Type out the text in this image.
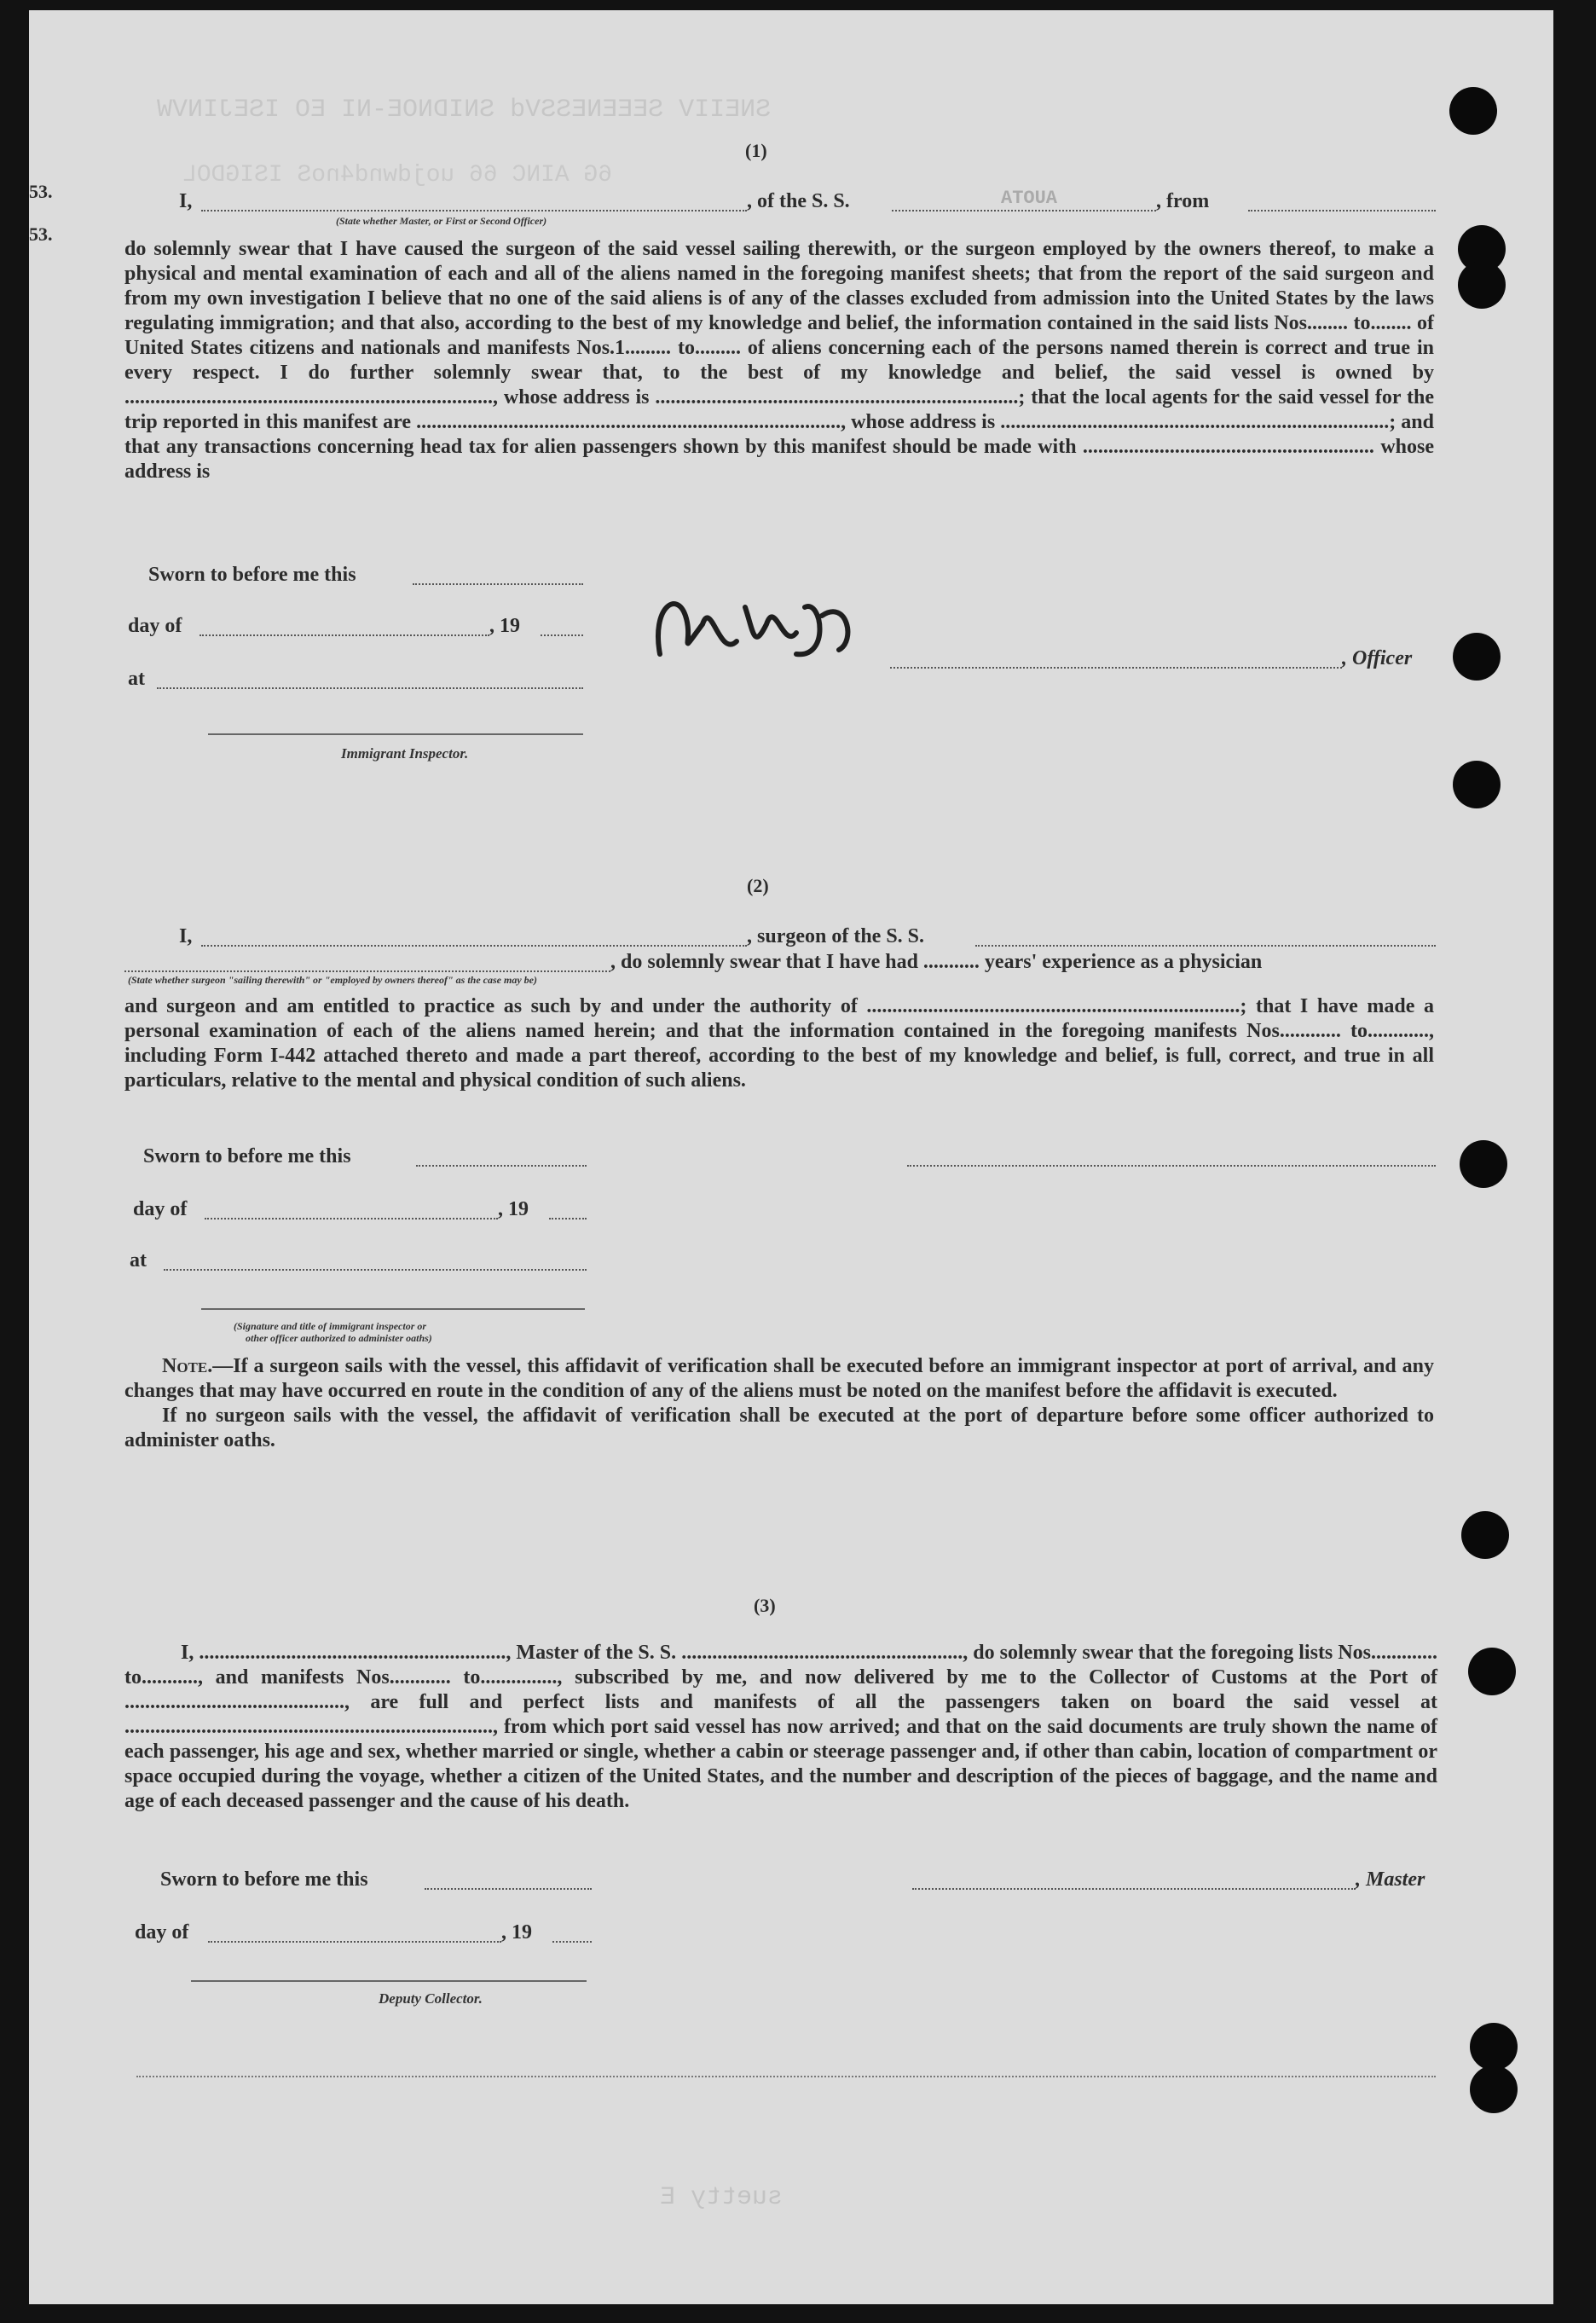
SNEIIV SEEENESSVd SNIDNOE-NI EO ISEJINVW
6G AINC 66 uojdwnd4noS ISIGDOL
53.
53.
(1)
I,	, of the S. S.	ATOUA	, from
(State whether Master, or First or Second Officer)

do solemnly swear that I have caused the surgeon of the said vessel sailing therewith, or the surgeon employed by the owners thereof, to make a physical and mental examination of each and all of the aliens named in the foregoing manifest sheets; that from the report of the said surgeon and from my own investigation I believe that no one of the said aliens is of any of the classes excluded from admission into the United States by the laws regulating immigration; and that also, according to the best of my knowledge and belief, the information contained in the said lists Nos........ to........ of United States citizens and nationals and manifests Nos.1......... to......... of aliens concerning each of the persons named therein is correct and true in every respect. I do further solemnly swear that, to the best of my knowledge and belief, the said vessel is owned by ........................................................................, whose address is .......................................................................; that the local agents for the said vessel for the trip reported in this manifest are ..................................................................................., whose address is ............................................................................; and that any transactions concerning head tax for alien passengers shown by this manifest should be made with ......................................................... whose address is

Sworn to before me this
day of	, 19
at
, Officer
Immigrant Inspector.
(2)
I,	, surgeon of the S. S.
, do solemnly swear that I have had ........... years' experience as a physician
(State whether surgeon "sailing therewith" or "employed by owners thereof" as the case may be)

and surgeon and am entitled to practice as such by and under the authority of .........................................................................; that I have made a personal examination of each of the aliens named herein; and that the information contained in the foregoing manifests Nos............ to............, including Form I-442 attached thereto and made a part thereof, according to the best of my knowledge and belief, is full, correct, and true in all particulars, relative to the mental and physical condition of such aliens.

Sworn to before me this
day of	, 19
at
(Signature and title of immigrant inspector or
other officer authorized to administer oaths)

Note.—If a surgeon sails with the vessel, this affidavit of verification shall be executed before an immigrant inspector at port of arrival, and any changes that may have occurred en route in the condition of any of the aliens must be noted on the manifest before the affidavit is executed.

If no surgeon sails with the vessel, the affidavit of verification shall be executed at the port of departure before some officer authorized to administer oaths.

(3)

I, ............................................................, Master of the S. S. ......................................................., do solemnly swear that the foregoing lists Nos............. to..........., and manifests Nos............ to..............., subscribed by me, and now delivered by me to the Collector of Customs at the Port of ..........................................., are full and perfect lists and manifests of all the passengers taken on board the said vessel at ........................................................................, from which port said vessel has now arrived; and that on the said documents are truly shown the name of each passenger, his age and sex, whether married or single, whether a cabin or steerage passenger and, if other than cabin, location of compartment or space occupied during the voyage, whether a citizen of the United States, and the number and description of the pieces of baggage, and the name and age of each deceased passenger and the cause of his death.

Sworn to before me this	, Master
day of	, 19
Deputy Collector.
suetty E
